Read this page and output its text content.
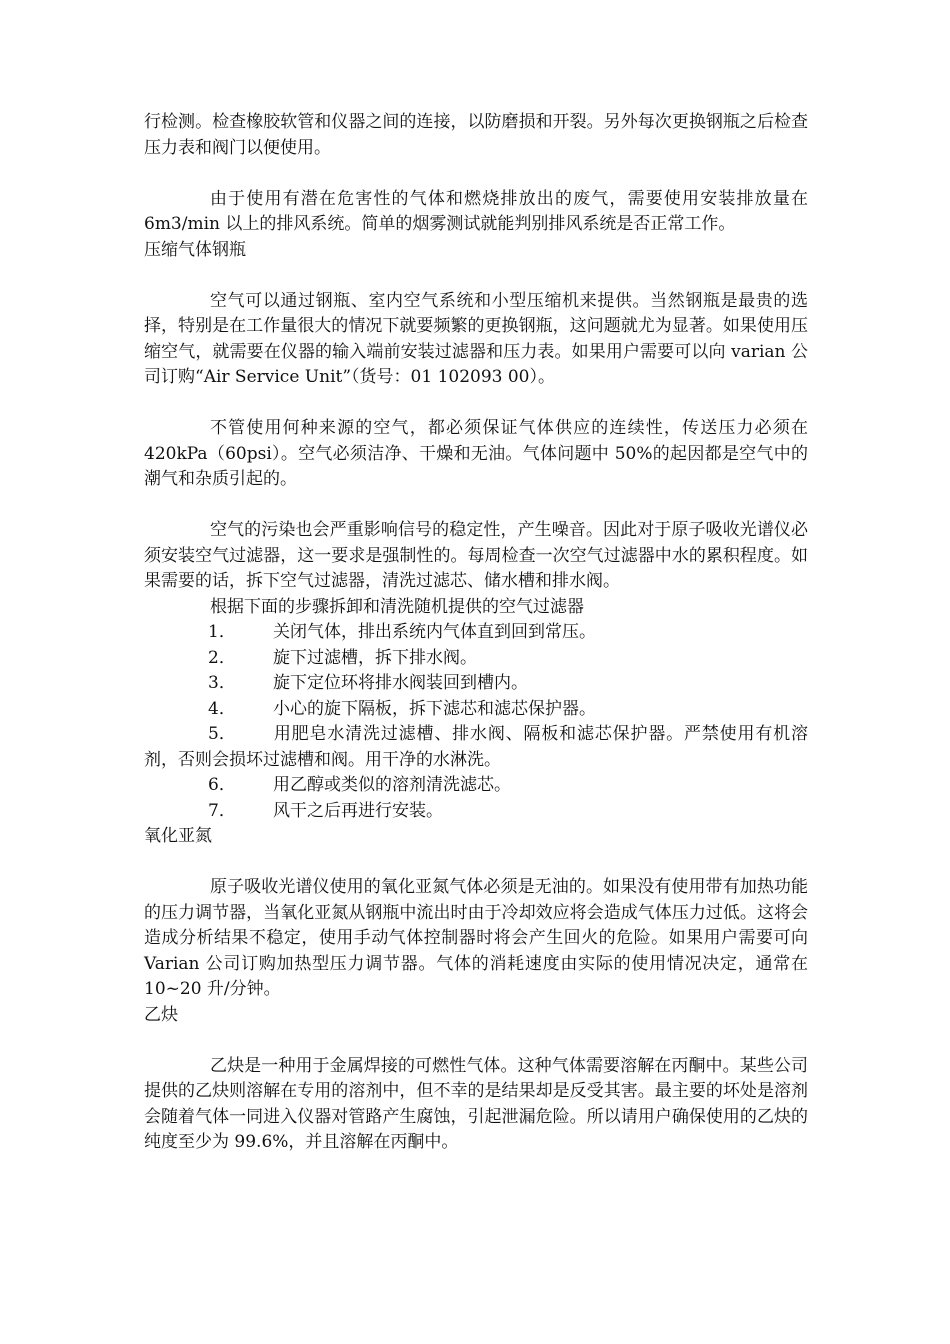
行检测。检查橡胶软管和仪器之间的连接，以防磨损和开裂。另外每次更换钢瓶之后检查压力表和阀门以便使用。

由于使用有潜在危害性的气体和燃烧排放出的废气，需要使用安装排放量在 6m3/min 以上的排风系统。简单的烟雾测试就能判别排风系统是否正常工作。

压缩气体钢瓶

空气可以通过钢瓶、室内空气系统和小型压缩机来提供。当然钢瓶是最贵的选择，特别是在工作量很大的情况下就要频繁的更换钢瓶，这问题就尤为显著。如果使用压缩空气，就需要在仪器的输入端前安装过滤器和压力表。如果用户需要可以向 varian 公司订购“Air Service Unit”（货号：01 102093 00）。

不管使用何种来源的空气，都必须保证气体供应的连续性，传送压力必须在 420kPa（60psi）。空气必须洁净、干燥和无油。气体问题中 50%的起因都是空气中的潮气和杂质引起的。

空气的污染也会严重影响信号的稳定性，产生噪音。因此对于原子吸收光谱仪必须安装空气过滤器，这一要求是强制性的。每周检查一次空气过滤器中水的累积程度。如果需要的话，拆下空气过滤器，清洗过滤芯、储水槽和排水阀。

根据下面的步骤拆卸和清洗随机提供的空气过滤器

1． 关闭气体，排出系统内气体直到回到常压。

2． 旋下过滤槽，拆下排水阀。

3． 旋下定位环将排水阀装回到槽内。

4． 小心的旋下隔板，拆下滤芯和滤芯保护器。

5． 用肥皂水清洗过滤槽、排水阀、隔板和滤芯保护器。严禁使用有机溶剂，否则会损坏过滤槽和阀。用干净的水淋洗。

6． 用乙醇或类似的溶剂清洗滤芯。

7． 风干之后再进行安装。

氧化亚氮

原子吸收光谱仪使用的氧化亚氮气体必须是无油的。如果没有使用带有加热功能的压力调节器，当氧化亚氮从钢瓶中流出时由于冷却效应将会造成气体压力过低。这将会造成分析结果不稳定，使用手动气体控制器时将会产生回火的危险。如果用户需要可向 Varian 公司订购加热型压力调节器。气体的消耗速度由实际的使用情况决定，通常在 10~20 升/分钟。

乙炔

乙炔是一种用于金属焊接的可燃性气体。这种气体需要溶解在丙酮中。某些公司提供的乙炔则溶解在专用的溶剂中，但不幸的是结果却是反受其害。最主要的坏处是溶剂会随着气体一同进入仪器对管路产生腐蚀，引起泄漏危险。所以请用户确保使用的乙炔的纯度至少为 99.6%，并且溶解在丙酮中。
